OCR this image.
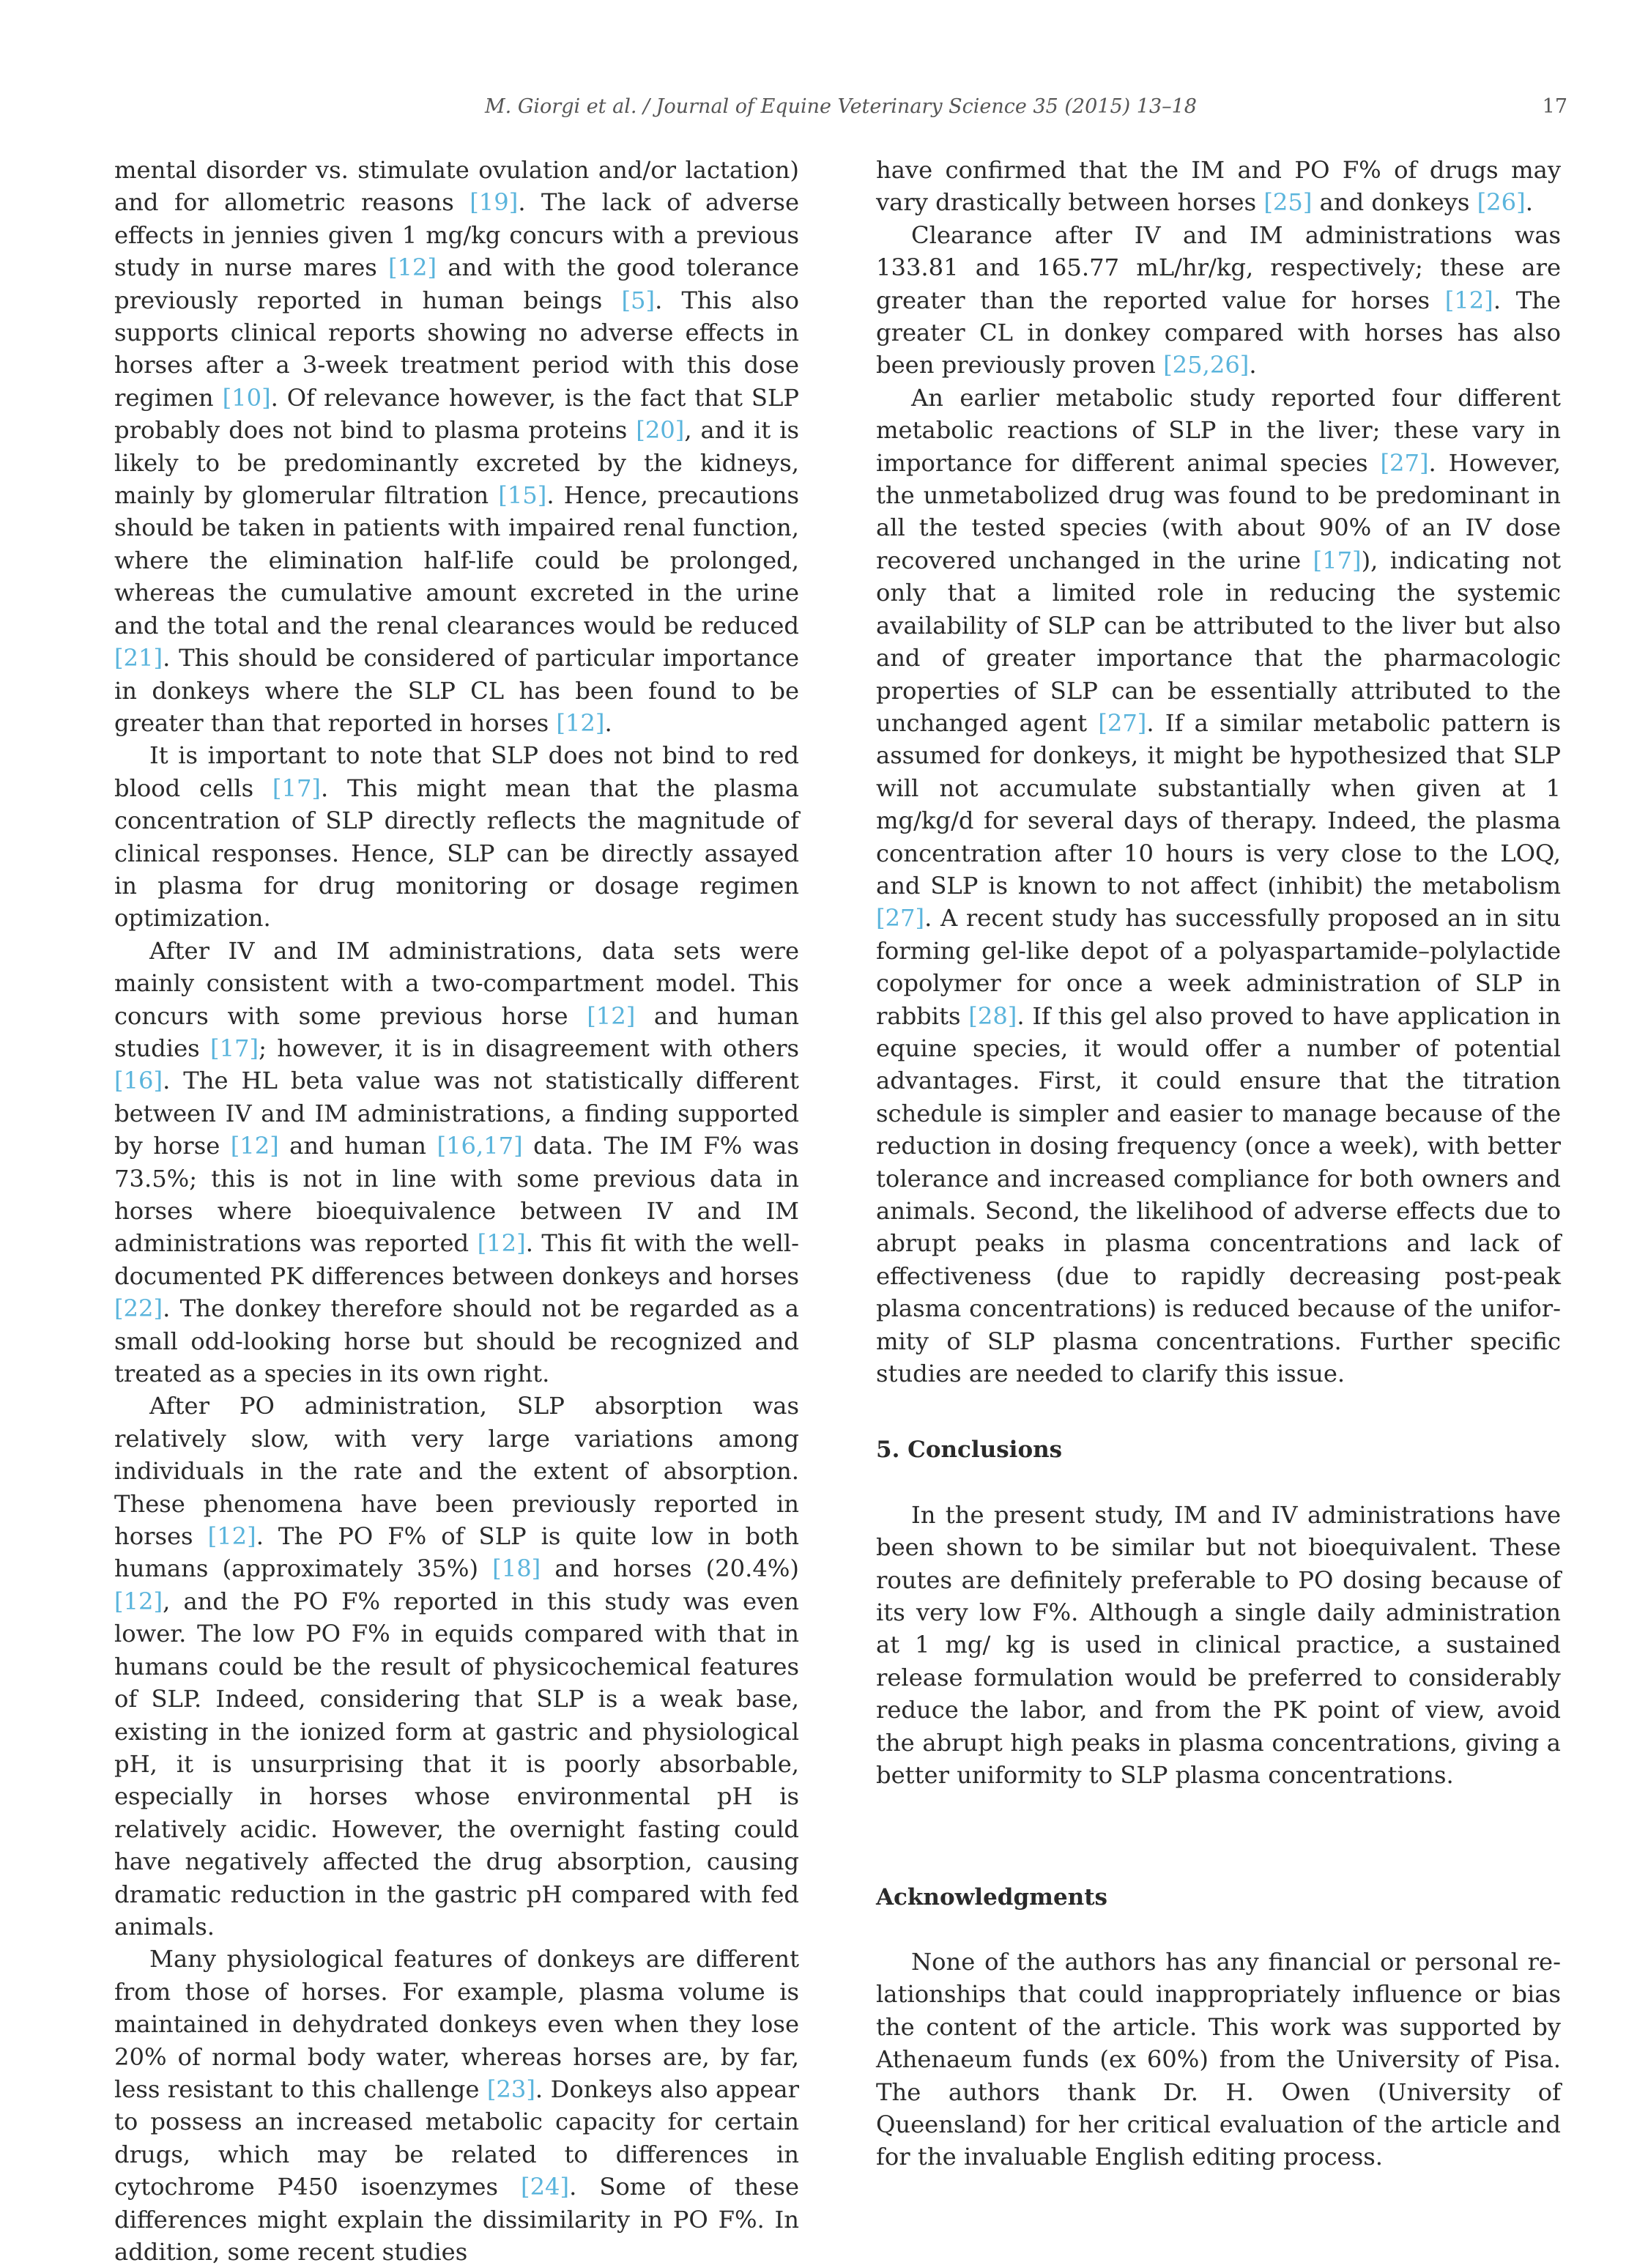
M. Giorgi et al. / Journal of Equine Veterinary Science 35 (2015) 13–18	17

mental disorder vs. stimulate ovulation and/or lactation) and for allometric reasons [19]. The lack of adverse effects in jennies given 1 mg/kg concurs with a previous study in nurse mares [12] and with the good tolerance previously reported in human beings [5]. This also supports clinical reports showing no adverse effects in horses after a 3-week treatment period with this dose regimen [10]. Of relevance however, is the fact that SLP probably does not bind to plasma proteins [20], and it is likely to be predominantly excreted by the kidneys, mainly by glomerular filtration [15]. Hence, precautions should be taken in patients with impaired renal function, where the elimination half-life could be prolonged, whereas the cumulative amount excreted in the urine and the total and the renal clearances would be reduced [21]. This should be considered of particular importance in donkeys where the SLP CL has been found to be greater than that reported in horses [12].

It is important to note that SLP does not bind to red blood cells [17]. This might mean that the plasma concentration of SLP directly reflects the magnitude of clinical responses. Hence, SLP can be directly assayed in plasma for drug monitoring or dosage regimen optimization.

After IV and IM administrations, data sets were mainly consistent with a two-compartment model. This concurs with some previous horse [12] and human studies [17]; however, it is in disagreement with others [16]. The HL beta value was not statistically different between IV and IM administrations, a finding supported by horse [12] and human [16,17] data. The IM F% was 73.5%; this is not in line with some previous data in horses where bioequivalence between IV and IM administrations was reported [12]. This fit with the well-documented PK differences between donkeys and horses [22]. The donkey therefore should not be regarded as a small odd-looking horse but should be recognized and treated as a species in its own right.

After PO administration, SLP absorption was relatively slow, with very large variations among individuals in the rate and the extent of absorption. These phenomena have been previously reported in horses [12]. The PO F% of SLP is quite low in both humans (approximately 35%) [18] and horses (20.4%) [12], and the PO F% reported in this study was even lower. The low PO F% in equids compared with that in humans could be the result of physicochemical features of SLP. Indeed, considering that SLP is a weak base, existing in the ionized form at gastric and physiological pH, it is unsurprising that it is poorly absorbable, especially in horses whose environmental pH is relatively acidic. However, the overnight fasting could have negatively affected the drug absorption, causing dramatic reduction in the gastric pH compared with fed animals.

Many physiological features of donkeys are different from those of horses. For example, plasma volume is maintained in dehydrated donkeys even when they lose 20% of normal body water, whereas horses are, by far, less resistant to this challenge [23]. Donkeys also appear to possess an increased metabolic capacity for certain drugs, which may be related to differences in cytochrome P450 isoenzymes [24]. Some of these differences might explain the dissimilarity in PO F%. In addition, some recent studies

have confirmed that the IM and PO F% of drugs may vary drastically between horses [25] and donkeys [26].

Clearance after IV and IM administrations was 133.81 and 165.77 mL/hr/kg, respectively; these are greater than the reported value for horses [12]. The greater CL in donkey compared with horses has also been previously proven [25,26].

An earlier metabolic study reported four different metabolic reactions of SLP in the liver; these vary in importance for different animal species [27]. However, the unmetabolized drug was found to be predominant in all the tested species (with about 90% of an IV dose recovered unchanged in the urine [17]), indicating not only that a limited role in reducing the systemic availability of SLP can be attributed to the liver but also and of greater importance that the pharmacologic properties of SLP can be essentially attributed to the unchanged agent [27]. If a similar metabolic pattern is assumed for donkeys, it might be hypothesized that SLP will not accumulate substantially when given at 1 mg/kg/d for several days of therapy. Indeed, the plasma concentration after 10 hours is very close to the LOQ, and SLP is known to not affect (inhibit) the metabolism [27]. A recent study has successfully proposed an in situ forming gel-like depot of a polyaspartamide–polylactide copolymer for once a week administration of SLP in rabbits [28]. If this gel also proved to have application in equine species, it would offer a number of potential advantages. First, it could ensure that the titration schedule is simpler and easier to manage because of the reduction in dosing frequency (once a week), with better tolerance and increased compliance for both owners and animals. Second, the likelihood of adverse effects due to abrupt peaks in plasma concentrations and lack of effectiveness (due to rapidly decreasing post-peak plasma concentrations) is reduced because of the uniformity of SLP plasma concentrations. Further specific studies are needed to clarify this issue.

5. Conclusions

In the present study, IM and IV administrations have been shown to be similar but not bioequivalent. These routes are definitely preferable to PO dosing because of its very low F%. Although a single daily administration at 1 mg/ kg is used in clinical practice, a sustained release formulation would be preferred to considerably reduce the labor, and from the PK point of view, avoid the abrupt high peaks in plasma concentrations, giving a better uniformity to SLP plasma concentrations.

Acknowledgments

None of the authors has any financial or personal relationships that could inappropriately influence or bias the content of the article. This work was supported by Athenaeum funds (ex 60%) from the University of Pisa. The authors thank Dr. H. Owen (University of Queensland) for her critical evaluation of the article and for the invaluable English editing process.
